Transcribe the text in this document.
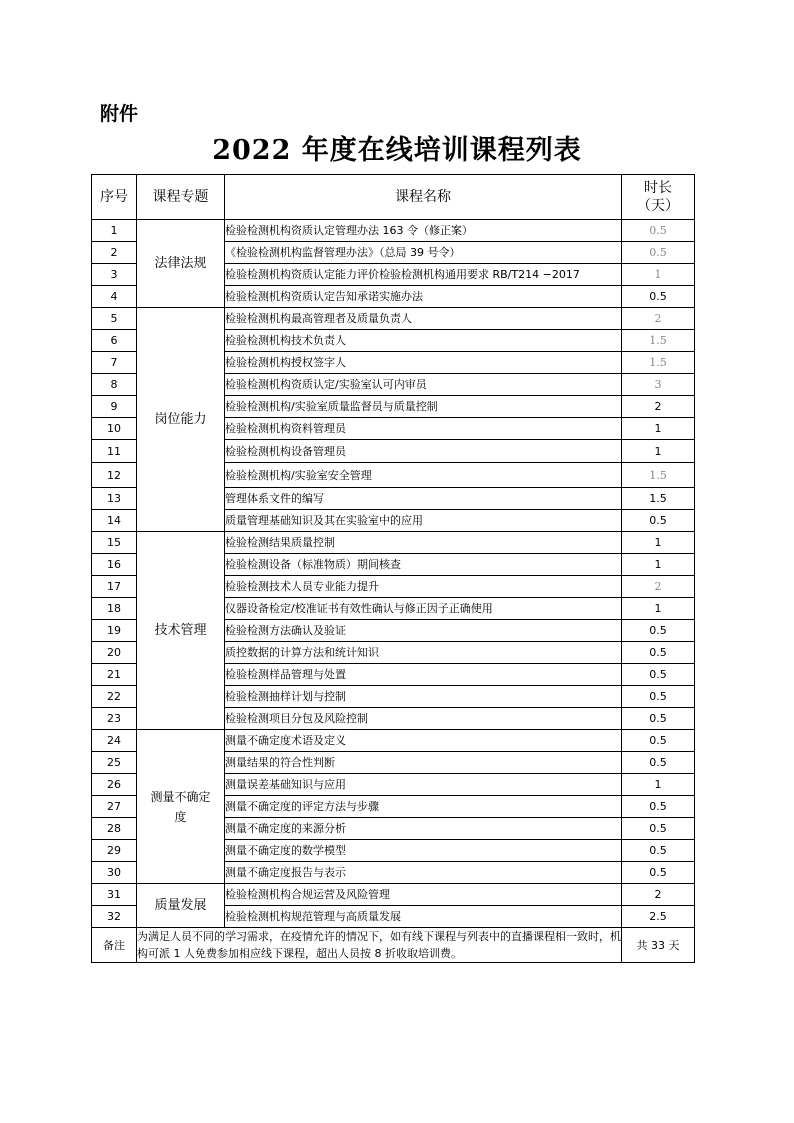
附件
2022 年度在线培训课程列表
序号	课程专题	课程名称	时长
（天）
1	法律法规	检验检测机构资质认定管理办法 163 令（修正案）	0.5
2		《检验检测机构监督管理办法》（总局 39 号令）	0.5
3		检验检测机构资质认定能力评价检验检测机构通用要求 RB/T214 −2017	1
4		检验检测机构资质认定告知承诺实施办法	0.5
5	岗位能力	检验检测机构最高管理者及质量负责人	2
6		检验检测机构技术负责人	1.5
7		检验检测机构授权签字人	1.5
8		检验检测机构资质认定/实验室认可内审员	3
9		检验检测机构/实验室质量监督员与质量控制	2
10		检验检测机构资料管理员	1
11		检验检测机构设备管理员	1
12		检验检测机构/实验室安全管理	1.5
13		管理体系文件的编写	1.5
14		质量管理基础知识及其在实验室中的应用	0.5
15	技术管理	检验检测结果质量控制	1
16		检验检测设备（标准物质）期间核查	1
17		检验检测技术人员专业能力提升	2
18		仪器设备检定/校准证书有效性确认与修正因子正确使用	1
19		检验检测方法确认及验证	0.5
20		质控数据的计算方法和统计知识	0.5
21		检验检测样品管理与处置	0.5
22		检验检测抽样计划与控制	0.5
23		检验检测项目分包及风险控制	0.5
24	测量不确定度	测量不确定度术语及定义	0.5
25		测量结果的符合性判断	0.5
26		测量误差基础知识与应用	1
27		测量不确定度的评定方法与步骤	0.5
28		测量不确定度的来源分析	0.5
29		测量不确定度的数学模型	0.5
30		测量不确定度报告与表示	0.5
31	质量发展	检验检测机构合规运营及风险管理	2
32		检验检测机构规范管理与高质量发展	2.5
备注	为满足人员不同的学习需求，在疫情允许的情况下，如有线下课程与列表中的直播课程相一致时，机构可派 1 人免费参加相应线下课程，超出人员按 8 折收取培训费。		共 33 天
